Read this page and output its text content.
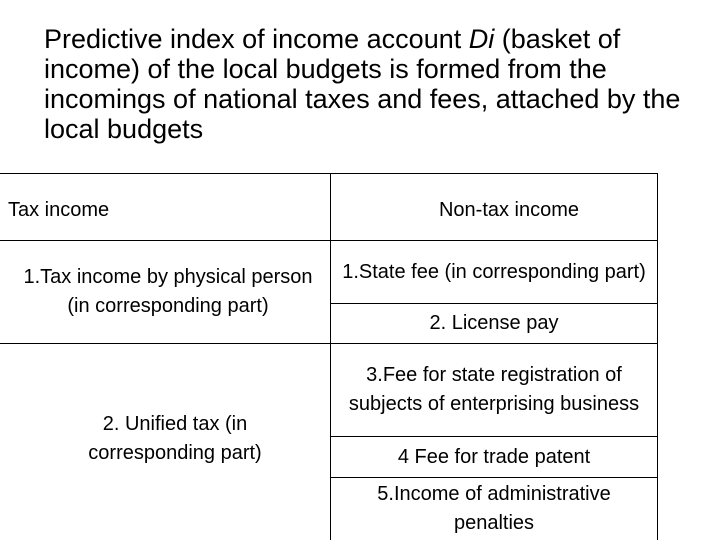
Predictive index of income account Di (basket of income) of the local budgets is formed from the incomings of national taxes and fees, attached by the local budgets
Tax income	Non-tax income
1.Tax income by physical person (in corresponding part)
2. Unified tax (in corresponding part)
1.State fee (in corresponding part)
2. License pay
3.Fee for state registration of subjects of enterprising business
4 Fee for trade patent
5.Income of administrative penalties
